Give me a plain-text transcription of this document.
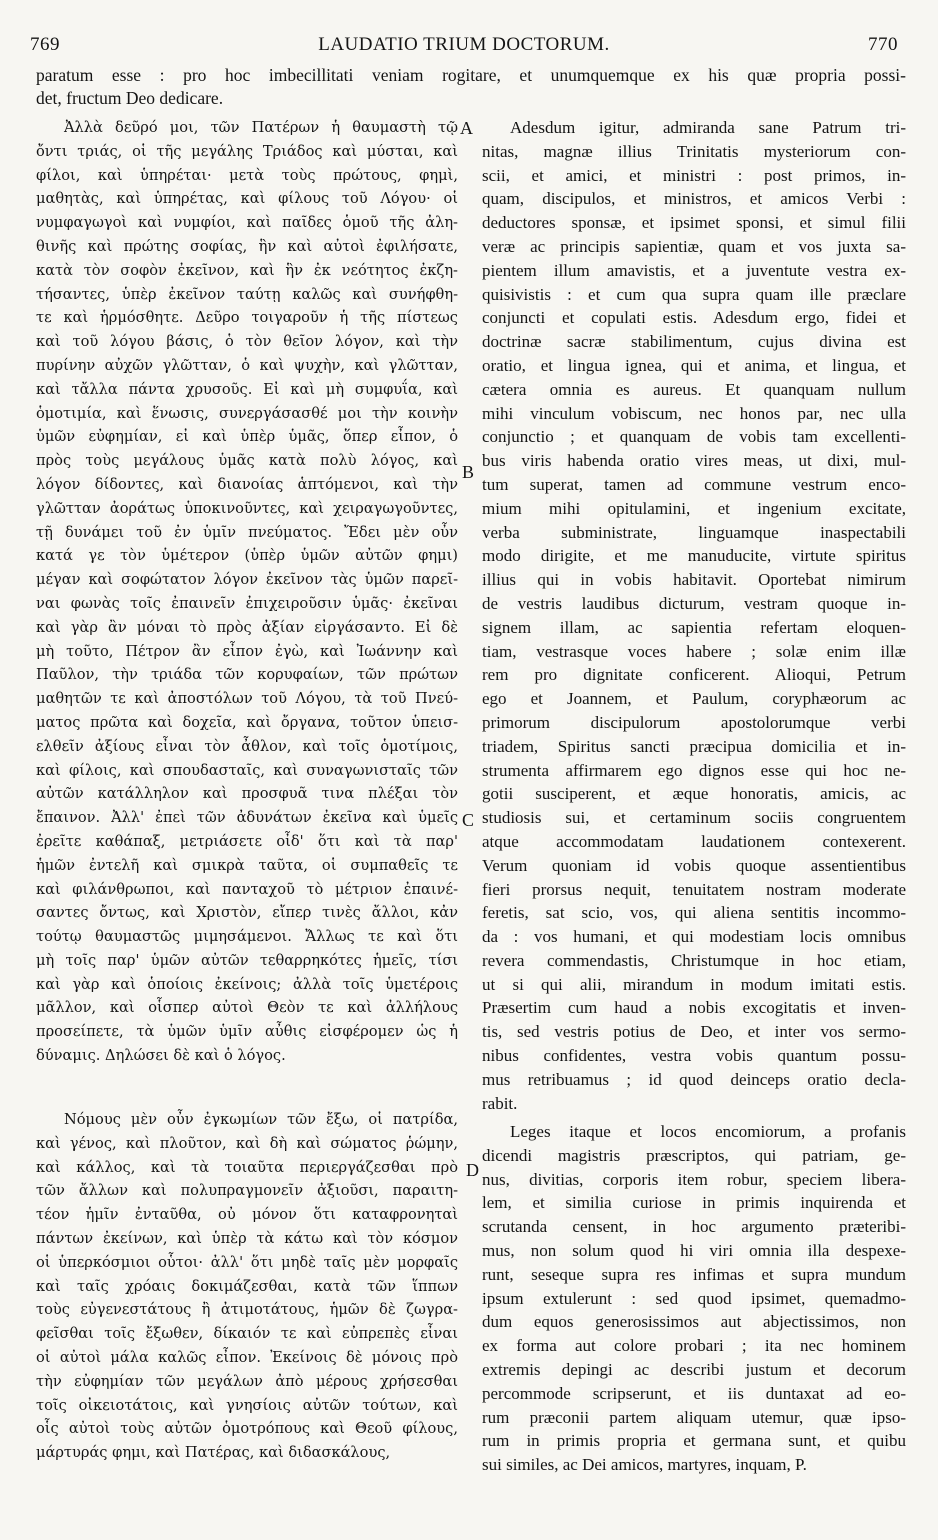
769	LAUDATIO TRIUM DOCTORUM.	770
paratum esse : pro hoc imbecillitati veniam rogitare, et unumquemque ex his quæ propria possi-
det, fructum Deo dedicare.
Ἀλλὰ δεῦρό μοι, τῶν Πατέρων ἡ θαυμαστὴ τῷ
ὄντι τριάς, οἱ τῆς μεγάλης Τριάδος καὶ μύσται, καὶ
φίλοι, καὶ ὑπηρέται· μετὰ τοὺς πρώτους, φημὶ,
μαθητὰς, καὶ ὑπηρέτας, καὶ φίλους τοῦ Λόγου· οἱ
νυμφαγωγοὶ καὶ νυμφίοι, καὶ παῖδες ὁμοῦ τῆς ἀλη-
θινῆς καὶ πρώτης σοφίας, ἣν καὶ αὐτοὶ ἐφιλήσατε,
κατὰ τὸν σοφὸν ἐκεῖνον, καὶ ἣν ἐκ νεότητος ἐκζη-
τήσαντες, ὑπὲρ ἐκεῖνον ταύτῃ καλῶς καὶ συνήφθη-
τε καὶ ἡρμόσθητε. Δεῦρο τοιγαροῦν ἡ τῆς πίστεως
καὶ τοῦ λόγου βάσις, ὁ τὸν θεῖον λόγον, καὶ τὴν
πυρίνην αὐχῶν γλῶτταν, ὁ καὶ ψυχὴν, καὶ γλῶτταν,
καὶ τἄλλα πάντα χρυσοῦς. Εἰ καὶ μὴ συμφυΐα, καὶ
ὁμοτιμία, καὶ ἕνωσις, συνεργάσασθέ μοι τὴν κοινὴν
ὑμῶν εὐφημίαν, εἰ καὶ ὑπὲρ ὑμᾶς, ὅπερ εἶπον, ὁ
πρὸς τοὺς μεγάλους ὑμᾶς κατὰ πολὺ λόγος, καὶ
λόγον δίδοντες, καὶ διανοίας ἁπτόμενοι, καὶ τὴν
γλῶτταν ἀοράτως ὑποκινοῦντες, καὶ χειραγωγοῦντες,
τῇ δυνάμει τοῦ ἐν ὑμῖν πνεύματος. Ἔδει μὲν οὖν
κατά γε τὸν ὑμέτερον (ὑπὲρ ὑμῶν αὐτῶν φημι)
μέγαν καὶ σοφώτατον λόγον ἐκεῖνον τὰς ὑμῶν παρεῖ-
ναι φωνὰς τοῖς ἐπαινεῖν ἐπιχειροῦσιν ὑμᾶς· ἐκεῖναι
καὶ γὰρ ἂν μόναι τὸ πρὸς ἀξίαν εἰργάσαντο. Εἰ δὲ
μὴ τοῦτο, Πέτρον ἂν εἶπον ἐγὼ, καὶ Ἰωάννην καὶ
Παῦλον, τὴν τριάδα τῶν κορυφαίων, τῶν πρώτων
μαθητῶν τε καὶ ἀποστόλων τοῦ Λόγου, τὰ τοῦ Πνεύ-
ματος πρῶτα καὶ δοχεῖα, καὶ ὄργανα, τοῦτον ὑπεισ-
ελθεῖν ἀξίους εἶναι τὸν ἆθλον, καὶ τοῖς ὁμοτίμοις,
καὶ φίλοις, καὶ σπουδασταῖς, καὶ συναγωνισταῖς τῶν
αὐτῶν κατάλληλον καὶ προσφυᾶ τινα πλέξαι τὸν
ἔπαινον. Ἀλλ' ἐπεὶ τῶν ἀδυνάτων ἐκεῖνα καὶ ὑμεῖς
ἐρεῖτε καθάπαξ, μετριάσετε οἶδ' ὅτι καὶ τὰ παρ'
ἡμῶν ἐντελῆ καὶ σμικρὰ ταῦτα, οἱ συμπαθεῖς τε
καὶ φιλάνθρωποι, καὶ πανταχοῦ τὸ μέτριον ἐπαινέ-
σαντες ὄντως, καὶ Χριστὸν, εἴπερ τινὲς ἄλλοι, κἀν
τούτῳ θαυμαστῶς μιμησάμενοι. Ἄλλως τε καὶ ὅτι
μὴ τοῖς παρ' ὑμῶν αὐτῶν τεθαρρηκότες ἡμεῖς, τίσι
καὶ γὰρ καὶ ὁποίοις ἐκείνοις; ἀλλὰ τοῖς ὑμετέροις
μᾶλλον, καὶ οἷσπερ αὐτοὶ Θεὸν τε καὶ ἀλλήλους
προσείπετε, τὰ ὑμῶν ὑμῖν αὖθις εἰσφέρομεν ὡς ἡ
δύναμις. Δηλώσει δὲ καὶ ὁ λόγος.
Νόμους μὲν οὖν ἐγκωμίων τῶν ἔξω, οἱ πατρίδα,
καὶ γένος, καὶ πλοῦτον, καὶ δὴ καὶ σώματος ῥώμην,
καὶ κάλλος, καὶ τὰ τοιαῦτα περιεργάζεσθαι πρὸ
τῶν ἄλλων καὶ πολυπραγμονεῖν ἀξιοῦσι, παραιτη-
τέον ἡμῖν ἐνταῦθα, οὐ μόνον ὅτι καταφρονηταὶ
πάντων ἐκείνων, καὶ ὑπὲρ τὰ κάτω καὶ τὸν κόσμον
οἱ ὑπερκόσμιοι οὗτοι· ἀλλ' ὅτι μηδὲ ταῖς μὲν μορφαῖς
καὶ ταῖς χρόαις δοκιμάζεσθαι, κατὰ τῶν ἵππων
τοὺς εὐγενεστάτους ἢ ἀτιμοτάτους, ἡμῶν δὲ ζωγρα-
φεῖσθαι τοῖς ἔξωθεν, δίκαιόν τε καὶ εὐπρεπὲς εἶναι
οἱ αὐτοὶ μάλα καλῶς εἶπον. Ἐκείνοις δὲ μόνοις πρὸ
τὴν εὐφημίαν τῶν μεγάλων ἀπὸ μέρους χρήσεσθαι
τοῖς οἰκειοτάτοις, καὶ γνησίοις αὐτῶν τούτων, καὶ
οἷς αὐτοὶ τοὺς αὐτῶν ὁμοτρόπους καὶ Θεοῦ φίλους,
μάρτυράς φημι, καὶ Πατέρας, καὶ διδασκάλους,
Adesdum igitur, admiranda sane Patrum tri-
nitas, magnæ illius Trinitatis mysteriorum con-
scii, et amici, et ministri : post primos, in-
quam, discipulos, et ministros, et amicos Verbi :
deductores sponsæ, et ipsimet sponsi, et simul filii
veræ ac principis sapientiæ, quam et vos juxta sa-
pientem illum amavistis, et a juventute vestra ex-
quisivistis : et cum qua supra quam ille præclare
conjuncti et copulati estis. Adesdum ergo, fidei et
doctrinæ sacræ stabilimentum, cujus divina est
oratio, et lingua ignea, qui et anima, et lingua, et
cætera omnia es aureus. Et quanquam nullum
mihi vinculum vobiscum, nec honos par, nec ulla
conjunctio ; et quanquam de vobis tam excellenti-
bus viris habenda oratio vires meas, ut dixi, mul-
tum superat, tamen ad commune vestrum enco-
mium mihi opitulamini, et ingenium excitate,
verba subministrate, linguamque inaspectabili
modo dirigite, et me manuducite, virtute spiritus
illius qui in vobis habitavit. Oportebat nimirum
de vestris laudibus dicturum, vestram quoque in-
signem illam, ac sapientia refertam eloquen-
tiam, vestrasque voces habere ; solæ enim illæ
rem pro dignitate conficerent. Alioqui, Petrum
ego et Joannem, et Paulum, coryphæorum ac
primorum discipulorum apostolorumque verbi
triadem, Spiritus sancti præcipua domicilia et in-
strumenta affirmarem ego dignos esse qui hoc ne-
gotii susciperent, et æque honoratis, amicis, ac
studiosis sui, et certaminum sociis congruentem
atque accommodatam laudationem contexerent.
Verum quoniam id vobis quoque assentientibus
fieri prorsus nequit, tenuitatem nostram moderate
feretis, sat scio, vos, qui aliena sentitis incommo-
da : vos humani, et qui modestiam locis omnibus
revera commendastis, Christumque in hoc etiam,
ut si qui alii, mirandum in modum imitati estis.
Præsertim cum haud a nobis excogitatis et inven-
tis, sed vestris potius de Deo, et inter vos sermo-
nibus confidentes, vestra vobis quantum possu-
mus retribuamus ; id quod deinceps oratio decla-
rabit.
Leges itaque et locos encomiorum, a profanis
dicendi magistris præscriptos, qui patriam, ge-
nus, divitias, corporis item robur, speciem libera-
lem, et similia curiose in primis inquirenda et
scrutanda censent, in hoc argumento præteribi-
mus, non solum quod hi viri omnia illa despexe-
runt, seseque supra res infimas et supra mundum
ipsum extulerunt : sed quod ipsimet, quemadmo-
dum equos generosissimos aut abjectissimos, non
ex forma aut colore probari ; ita nec hominem
extremis depingi ac describi justum et decorum
percommode scripserunt, et iis duntaxat ad eo-
rum præconii partem aliquam utemur, quæ ipso-
rum in primis propria et germana sunt, et quibu
sui similes, ac Dei amicos, martyres, inquam, P.
A
B
C
D
